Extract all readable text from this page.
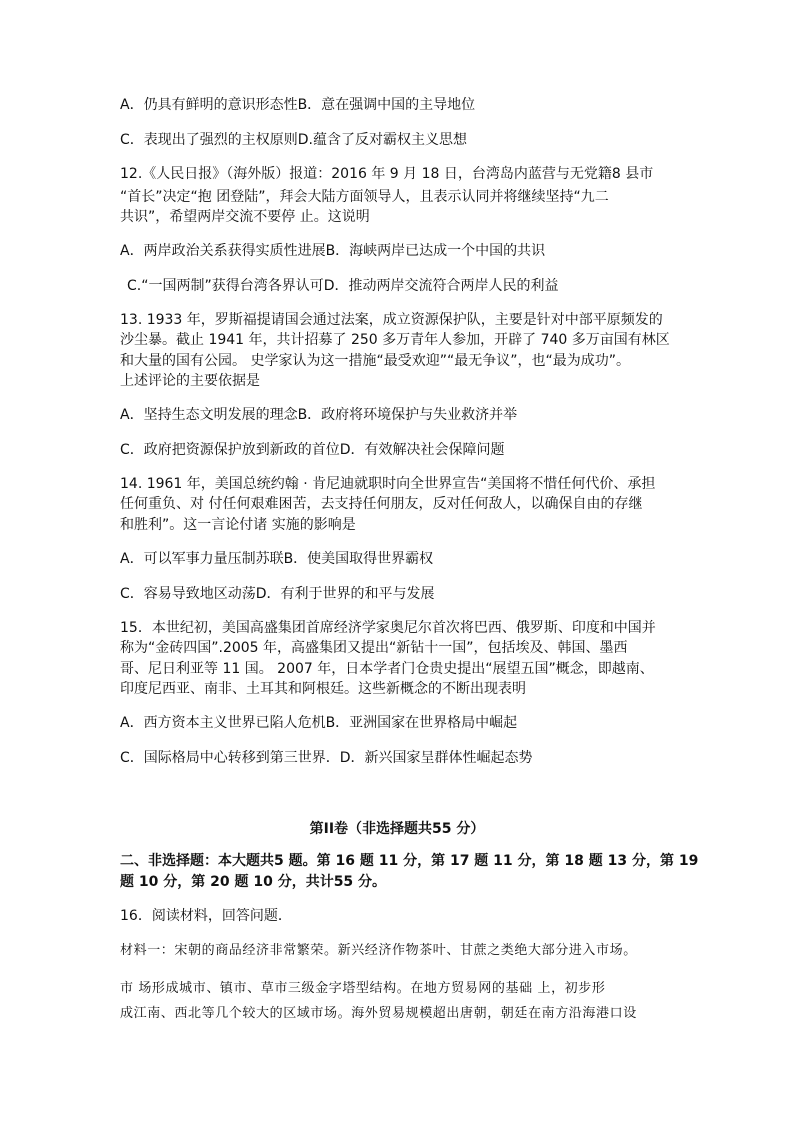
A．仍具有鲜明的意识形态性B．意在强调中国的主导地位
C．表现出了强烈的主权原则D.蕴含了反对霸权主义思想
12.《人民日报》（海外版）报道：2016 年 9 月 18 日，台湾岛内蓝营与无党籍8 县市
“首长”决定“抱 团登陆”，拜会大陆方面领导人，且表示认同并将继续坚持“九二
共识”，希望两岸交流不要停 止。这说明
A．两岸政治关系获得实质性进展B．海峡两岸已达成一个中国的共识
C.“一国两制”获得台湾各界认可D．推动两岸交流符合两岸人民的利益
13. 1933 年，罗斯福提请国会通过法案，成立资源保护队，主要是针对中部平原频发的
沙尘暴。截止 1941 年，共计招募了 250 多万青年人参加，开辟了 740 多万亩国有林区
和大量的国有公园。 史学家认为这一措施“最受欢迎”“最无争议”，也“最为成功”。
上述评论的主要依据是
A．坚持生态文明发展的理念B．政府将环境保护与失业救济并举
C．政府把资源保护放到新政的首位D．有效解决社会保障问题
14. 1961 年，美国总统约翰 · 肯尼迪就职时向全世界宣告“美国将不惜任何代价、承担
任何重负、对 付任何艰难困苦，去支持任何朋友，反对任何敌人，以确保自由的存继
和胜利”。这一言论付诸 实施的影响是
A．可以军事力量压制苏联B．使美国取得世界霸权
C．容易导致地区动荡D．有利于世界的和平与发展
15．本世纪初，美国高盛集团首席经济学家奥尼尔首次将巴西、俄罗斯、印度和中国并
称为“金砖四国”.2005 年，高盛集团又提出“新钻十一国”，包括埃及、韩国、墨西
哥、尼日利亚等 11 国。 2007 年，日本学者门仓贵史提出“展望五国”概念，即越南、
印度尼西亚、南非、土耳其和阿根廷。这些新概念的不断出现表明
A．西方资本主义世界已陷人危机B．亚洲国家在世界格局中崛起
C．国际格局中心转移到第三世界．D．新兴国家呈群体性崛起态势
第II卷（非选择题共55 分）
二、非选择题：本大题共5 题。第 16 题 11 分，第 17 题 11 分，第 18 题 13 分，第 19
题 10 分，第 20 题 10 分，共计55 分。
16．阅读材料，回答问题．
材料一：宋朝的商品经济非常繁荣。新兴经济作物茶叶、甘蔗之类绝大部分进入市场。
市 场形成城市、镇市、草市三级金字塔型结构。在地方贸易网的基础 上，初步形
成江南、西北等几个较大的区域市场。海外贸易规模超出唐朝，朝廷在南方沿海港口设
